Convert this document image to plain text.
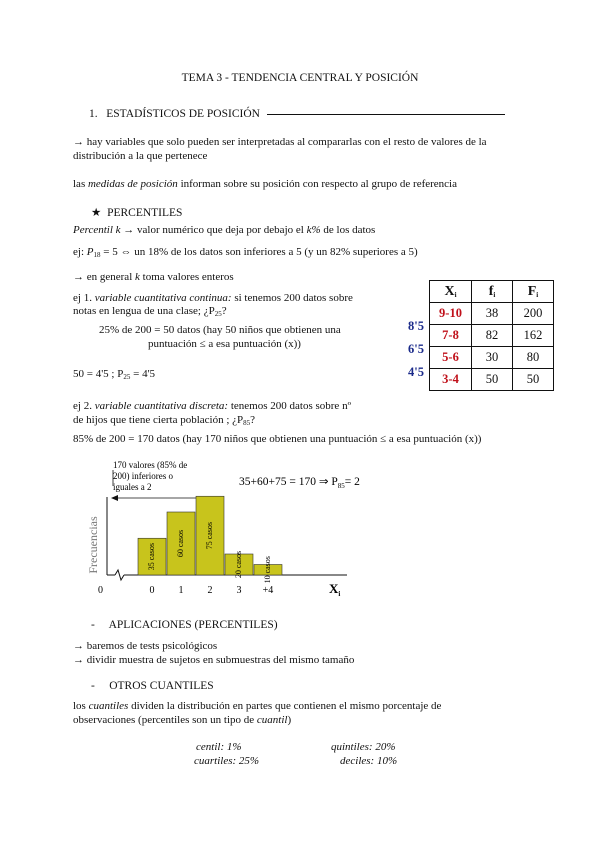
TEMA 3 - TENDENCIA CENTRAL Y POSICIÓN
1. ESTADÍSTICOS DE POSICIÓN
→ hay variables que solo pueden ser interpretadas al compararlas con el resto de valores de la
distribución a la que pertenece
las medidas de posición informan sobre su posición con respecto al grupo de referencia
★ PERCENTILES
Percentil k → valor numérico que deja por debajo el k% de los datos
ej: $P_{18} = 5$ ⇔ un 18% de los datos son inferiores a 5 (y un 82% superiores a 5)
→ en general k toma valores enteros
ej 1. variable cuantitativa continua: si tenemos 200 datos sobre
notas en lengua de una clase; ¿$P_{25}$?
25% de 200 = 50 datos (hay 50 niños que obtienen una
puntuación ≤ a esa puntuación (x))
50 = 4'5 ; $P_{25} = 4'5$
$X_i$	$f_i$	$F_i$
9-10	38	200
7-8	82	162
5-6	30	80
3-4	50	50
8'5
6'5
4'5
ej 2. variable cuantitativa discreta: tenemos 200 datos sobre nº
de hijos que tiene cierta población ; ¿$P_{85}$?
85% de 200 = 170 datos (hay 170 niños que obtienen una puntuación ≤ a esa puntuación (x))
170 valores (85% de
200) inferiores o
iguales a 2	35+60+75 = 170 ⇒ $P_{85}= 2$
Frecuencias	35 casos
0
60 casos
1
75 casos
2
20 casos
3
10 casos
+4
0	$X_i$
- APLICACIONES (PERCENTILES)
→ baremos de tests psicológicos
→ dividir muestra de sujetos en submuestras del mismo tamaño
- OTROS CUANTILES
los cuantiles dividen la distribución en partes que contienen el mismo porcentaje de
observaciones (percentiles son un tipo de cuantil)
centil: 1%	quintiles: 20%
cuartiles: 25%	deciles: 10%
